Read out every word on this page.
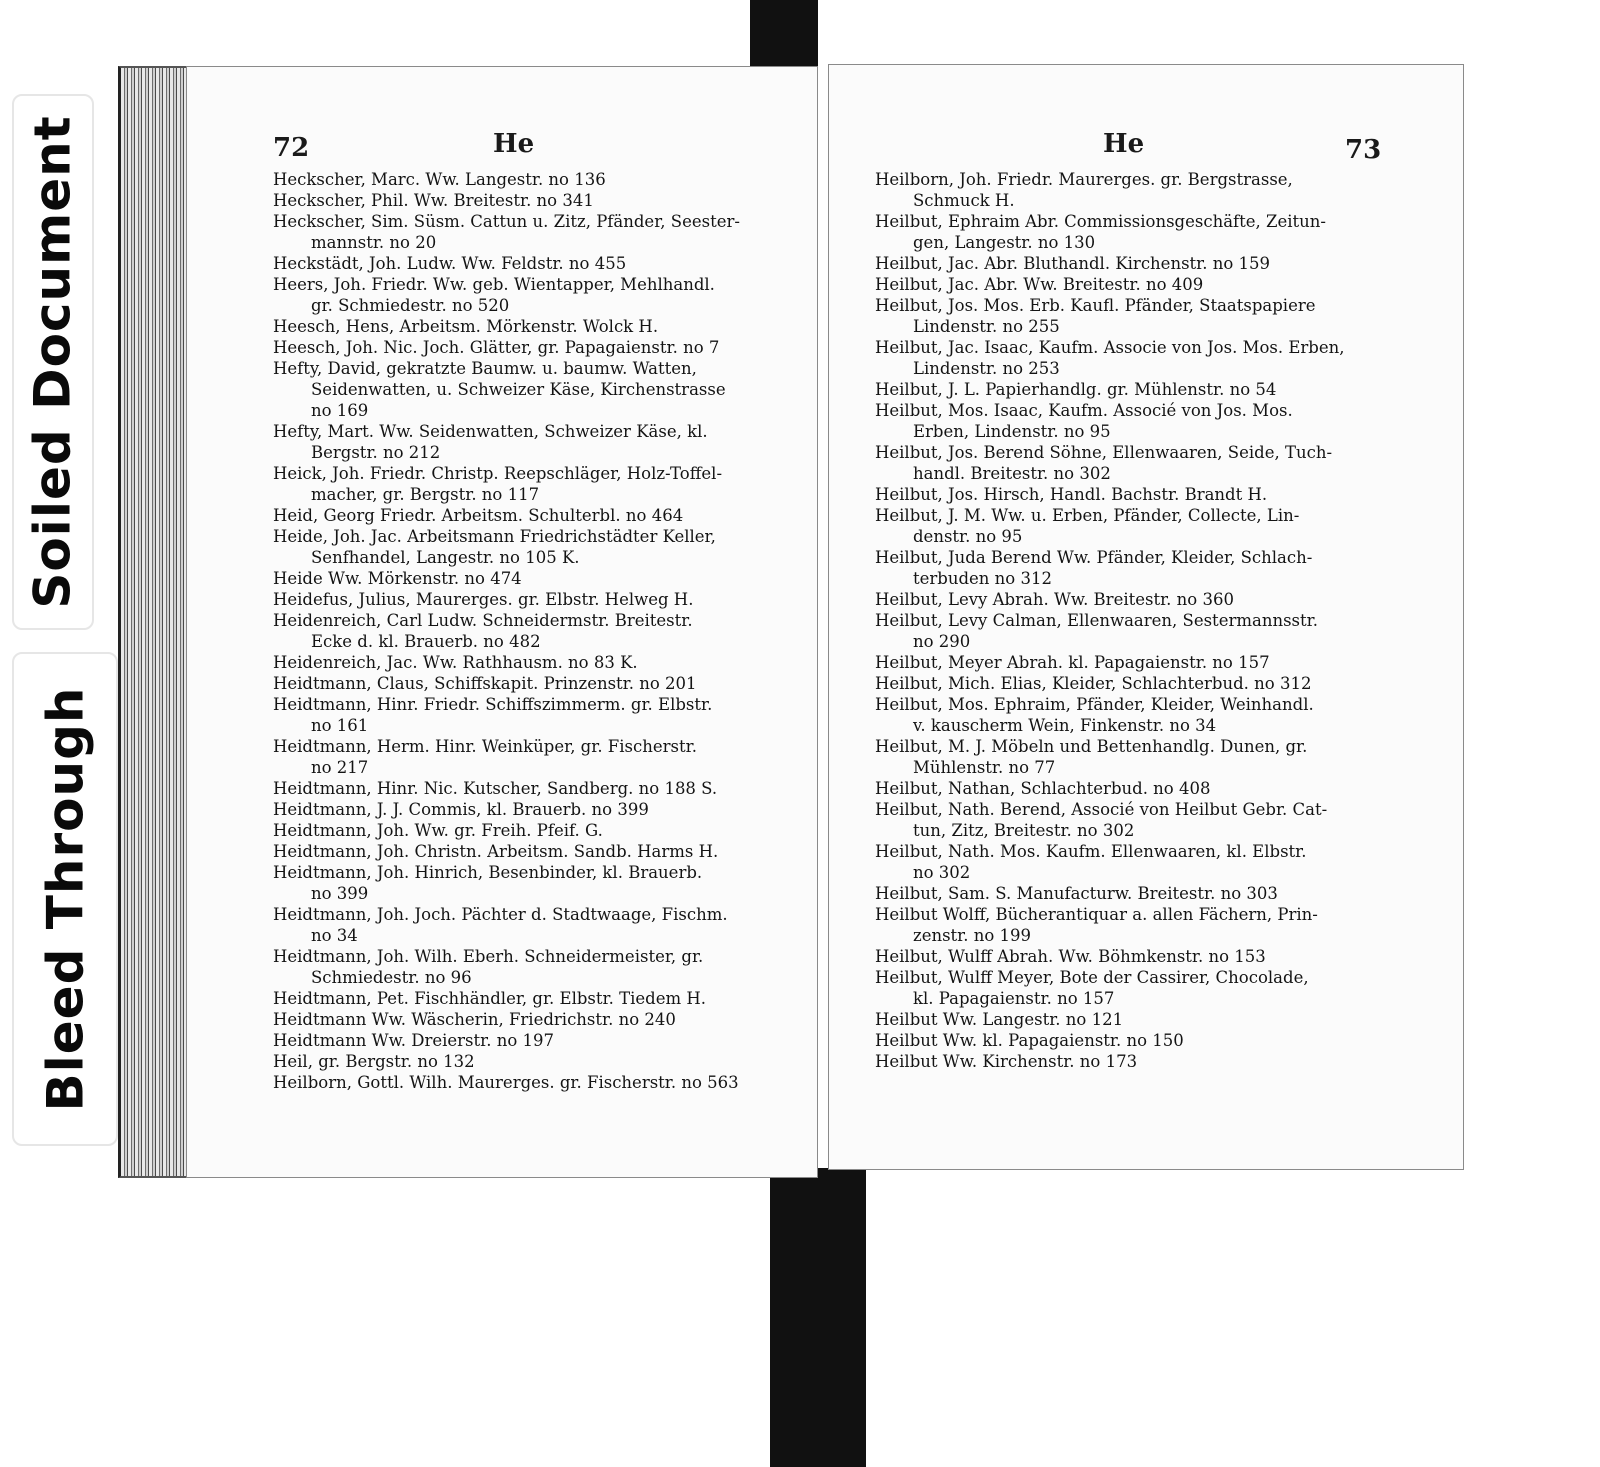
Soiled Document
Bleed Through
72	He
Heckscher, Marc. Ww. Langestr. no 136
Heckscher, Phil. Ww. Breitestr. no 341
Heckscher, Sim. Süsm. Cattun u. Zitz, Pfänder, Seester-
mannstr. no 20
Heckstädt, Joh. Ludw. Ww. Feldstr. no 455
Heers, Joh. Friedr. Ww. geb. Wientapper, Mehlhandl.
gr. Schmiedestr. no 520
Heesch, Hens, Arbeitsm. Mörkenstr. Wolck H.
Heesch, Joh. Nic. Joch. Glätter, gr. Papagaienstr. no 7
Hefty, David, gekratzte Baumw. u. baumw. Watten,
Seidenwatten, u. Schweizer Käse, Kirchenstrasse
no 169
Hefty, Mart. Ww. Seidenwatten, Schweizer Käse, kl.
Bergstr. no 212
Heick, Joh. Friedr. Christp. Reepschläger, Holz-Toffel-
macher, gr. Bergstr. no 117
Heid, Georg Friedr. Arbeitsm. Schulterbl. no 464
Heide, Joh. Jac. Arbeitsmann Friedrichstädter Keller,
Senfhandel, Langestr. no 105 K.
Heide Ww. Mörkenstr. no 474
Heidefus, Julius, Maurerges. gr. Elbstr. Helweg H.
Heidenreich, Carl Ludw. Schneidermstr. Breitestr.
Ecke d. kl. Brauerb. no 482
Heidenreich, Jac. Ww. Rathhausm. no 83 K.
Heidtmann, Claus, Schiffskapit. Prinzenstr. no 201
Heidtmann, Hinr. Friedr. Schiffszimmerm. gr. Elbstr.
no 161
Heidtmann, Herm. Hinr. Weinküper, gr. Fischerstr.
no 217
Heidtmann, Hinr. Nic. Kutscher, Sandberg. no 188 S.
Heidtmann, J. J. Commis, kl. Brauerb. no 399
Heidtmann, Joh. Ww. gr. Freih. Pfeif. G.
Heidtmann, Joh. Christn. Arbeitsm. Sandb. Harms H.
Heidtmann, Joh. Hinrich, Besenbinder, kl. Brauerb.
no 399
Heidtmann, Joh. Joch. Pächter d. Stadtwaage, Fischm.
no 34
Heidtmann, Joh. Wilh. Eberh. Schneidermeister, gr.
Schmiedestr. no 96
Heidtmann, Pet. Fischhändler, gr. Elbstr. Tiedem H.
Heidtmann Ww. Wäscherin, Friedrichstr. no 240
Heidtmann Ww. Dreierstr. no 197
Heil, gr. Bergstr. no 132
Heilborn, Gottl. Wilh. Maurerges. gr. Fischerstr. no 563
He	73
Heilborn, Joh. Friedr. Maurerges. gr. Bergstrasse,
Schmuck H.
Heilbut, Ephraim Abr. Commissionsgeschäfte, Zeitun-
gen, Langestr. no 130
Heilbut, Jac. Abr. Bluthandl. Kirchenstr. no 159
Heilbut, Jac. Abr. Ww. Breitestr. no 409
Heilbut, Jos. Mos. Erb. Kaufl. Pfänder, Staatspapiere
Lindenstr. no 255
Heilbut, Jac. Isaac, Kaufm. Associe von Jos. Mos. Erben,
Lindenstr. no 253
Heilbut, J. L. Papierhandlg. gr. Mühlenstr. no 54
Heilbut, Mos. Isaac, Kaufm. Associé von Jos. Mos.
Erben, Lindenstr. no 95
Heilbut, Jos. Berend Söhne, Ellenwaaren, Seide, Tuch-
handl. Breitestr. no 302
Heilbut, Jos. Hirsch, Handl. Bachstr. Brandt H.
Heilbut, J. M. Ww. u. Erben, Pfänder, Collecte, Lin-
denstr. no 95
Heilbut, Juda Berend Ww. Pfänder, Kleider, Schlach-
terbuden no 312
Heilbut, Levy Abrah. Ww. Breitestr. no 360
Heilbut, Levy Calman, Ellenwaaren, Sestermannsstr.
no 290
Heilbut, Meyer Abrah. kl. Papagaienstr. no 157
Heilbut, Mich. Elias, Kleider, Schlachterbud. no 312
Heilbut, Mos. Ephraim, Pfänder, Kleider, Weinhandl.
v. kauscherm Wein, Finkenstr. no 34
Heilbut, M. J. Möbeln und Bettenhandlg. Dunen, gr.
Mühlenstr. no 77
Heilbut, Nathan, Schlachterbud. no 408
Heilbut, Nath. Berend, Associé von Heilbut Gebr. Cat-
tun, Zitz, Breitestr. no 302
Heilbut, Nath. Mos. Kaufm. Ellenwaaren, kl. Elbstr.
no 302
Heilbut, Sam. S. Manufacturw. Breitestr. no 303
Heilbut Wolff, Bücherantiquar a. allen Fächern, Prin-
zenstr. no 199
Heilbut, Wulff Abrah. Ww. Böhmkenstr. no 153
Heilbut, Wulff Meyer, Bote der Cassirer, Chocolade,
kl. Papagaienstr. no 157
Heilbut Ww. Langestr. no 121
Heilbut Ww. kl. Papagaienstr. no 150
Heilbut Ww. Kirchenstr. no 173
